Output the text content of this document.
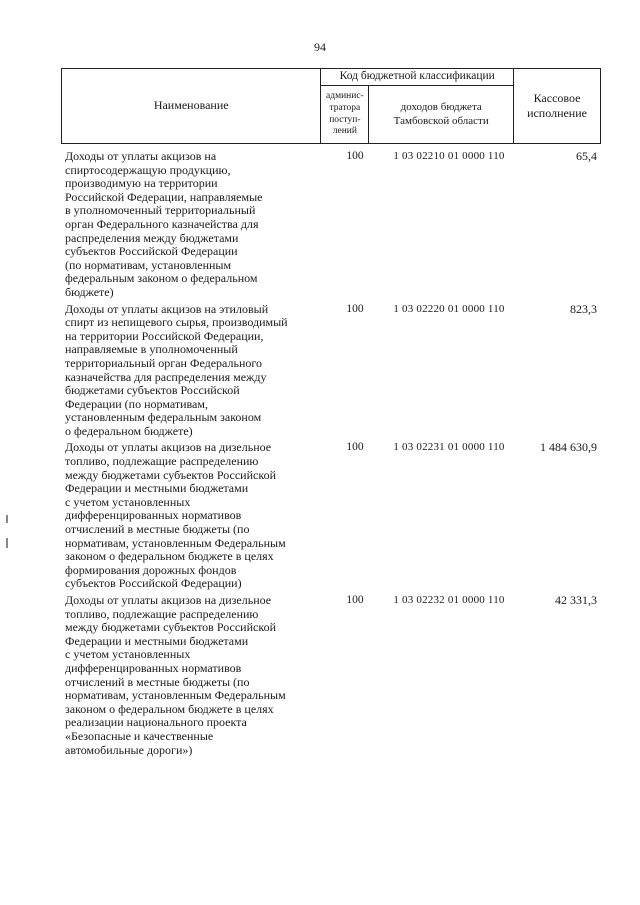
94
Наименование	Код бюджетной классификации		Кассовое
исполнение
	админис-
тратора
поступ-
лений	доходов бюджета
Тамбовской области	
Доходы от уплаты акцизов на
спиртосодержащую продукцию,
производимую на территории
Российской Федерации, направляемые
в уполномоченный территориальный
орган Федерального казначейства для
распределения между бюджетами
субъектов Российской Федерации
(по нормативам, установленным
федеральным законом о федеральном
бюджете)
100	1 03 02210 01 0000 110	65,4
Доходы от уплаты акцизов на этиловый
спирт из непищевого сырья, производимый
на территории Российской Федерации,
направляемые в уполномоченный
территориальный орган Федерального
казначейства для распределения между
бюджетами субъектов Российской
Федерации (по нормативам,
установленным федеральным законом
о федеральном бюджете)
100	1 03 02220 01 0000 110	823,3
Доходы от уплаты акцизов на дизельное
топливо, подлежащие распределению
между бюджетами субъектов Российской
Федерации и местными бюджетами
с учетом установленных
дифференцированных нормативов
отчислений в местные бюджеты (по
нормативам, установленным Федеральным
законом о федеральном бюджете в целях
формирования дорожных фондов
субъектов Российской Федерации)
100	1 03 02231 01 0000 110	1 484 630,9
Доходы от уплаты акцизов на дизельное
топливо, подлежащие распределению
между бюджетами субъектов Российской
Федерации и местными бюджетами
с учетом установленных
дифференцированных нормативов
отчислений в местные бюджеты (по
нормативам, установленным Федеральным
законом о федеральном бюджете в целях
реализации национального проекта
«Безопасные и качественные
автомобильные дороги»)
100	1 03 02232 01 0000 110	42 331,3
